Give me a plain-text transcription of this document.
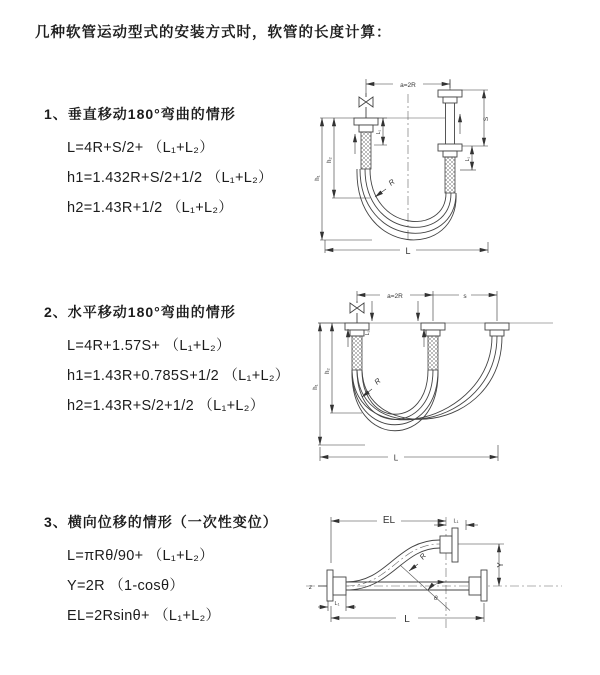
几种软管运动型式的安装方式时，软管的长度计算：
1、垂直移动180°弯曲的情形
L=4R+S/2+ （L₁+L₂）
h1=1.432R+S/2+1/2 （L₁+L₂）
h2=1.43R+1/2 （L₁+L₂）
2、水平移动180°弯曲的情形
L=4R+1.57S+ （L₁+L₂）
h1=1.43R+0.785S+1/2 （L₁+L₂）
h2=1.43R+S/2+1/2 （L₁+L₂）
3、横向位移的情形（一次性变位）
L=πRθ/90+ （L₁+L₂）
Y=2R （1-cosθ）
EL=2Rsinθ+ （L₁+L₂）
a=2R
h₁
h₂
L₁
S
L₁
R
L
a=2R	s
L₁
h₁
h₂
R
L
z
EL	L₁
Y
R
θ
L₁
L
